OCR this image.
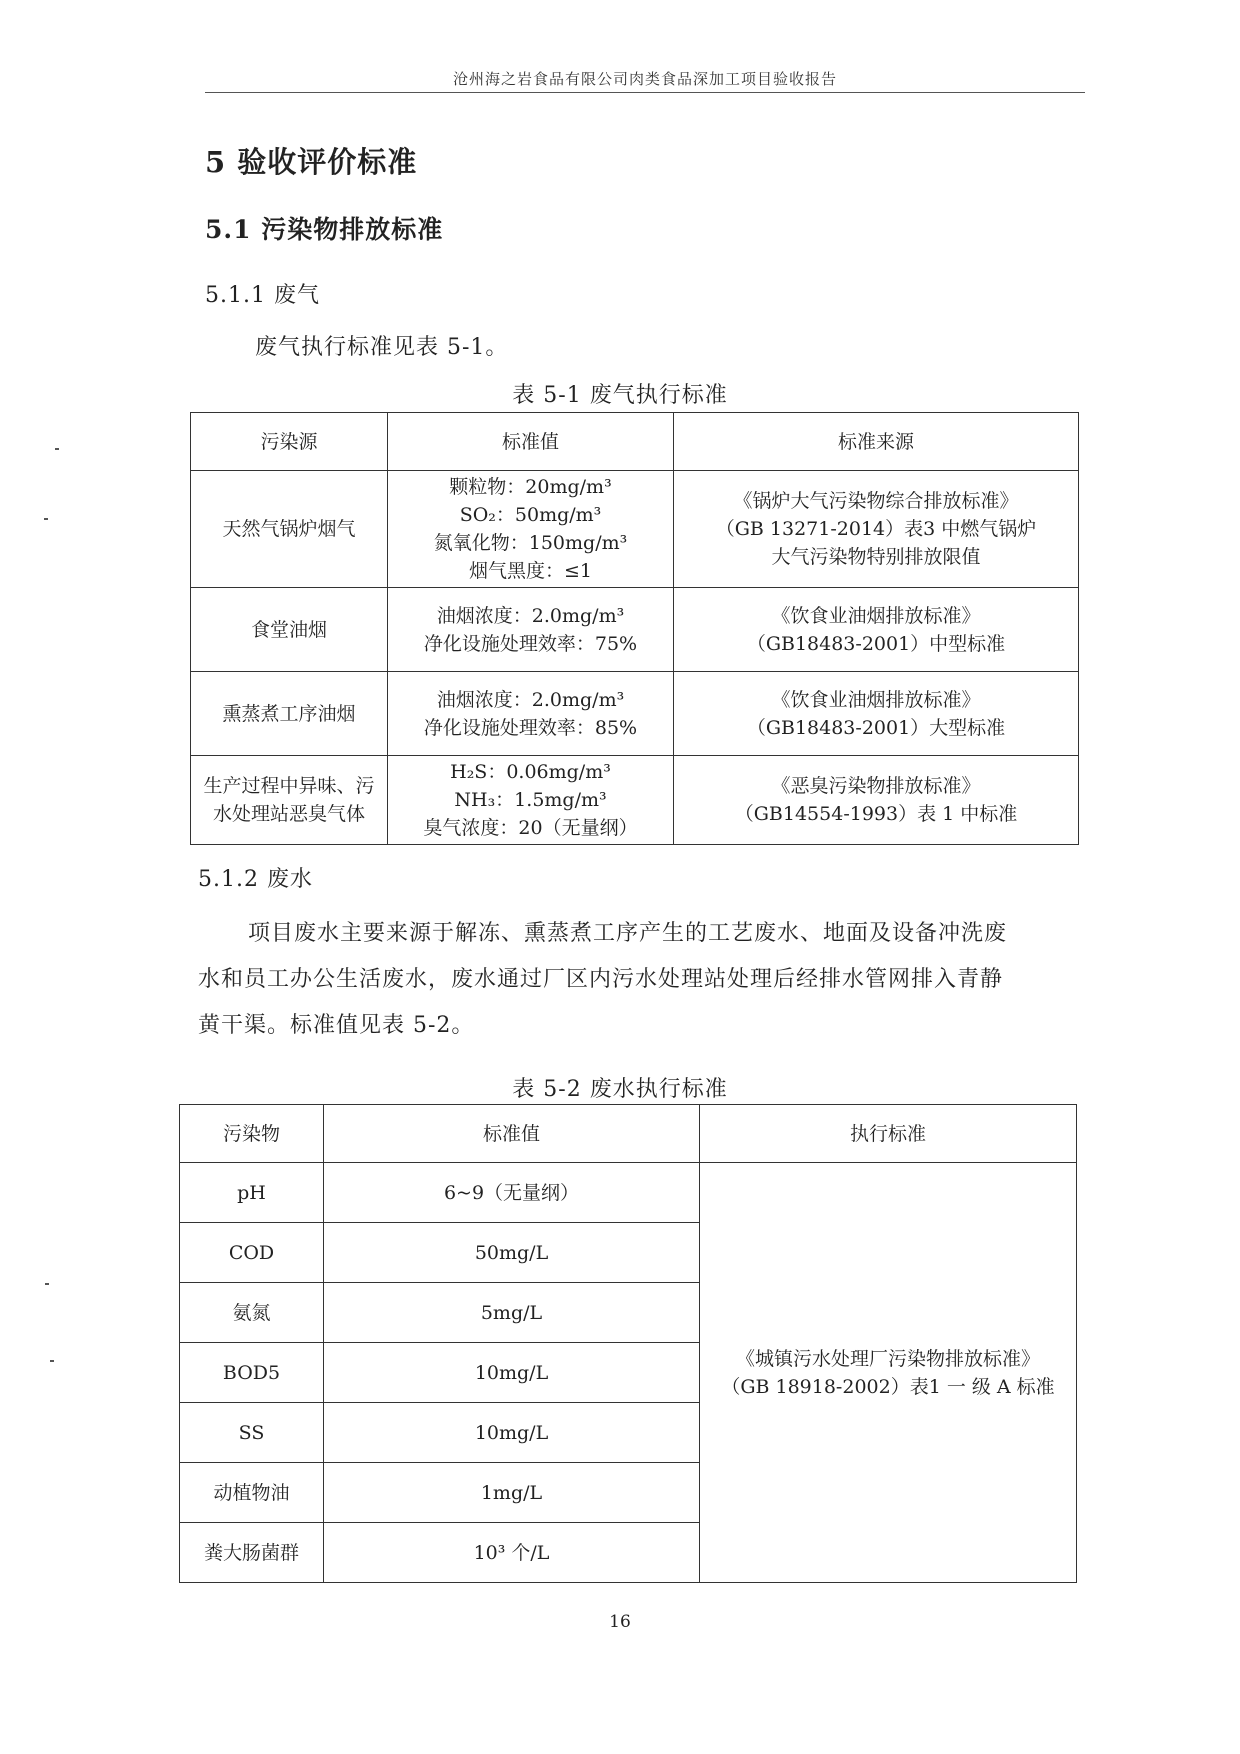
沧州海之岩食品有限公司肉类食品深加工项目验收报告
5 验收评价标准
5.1 污染物排放标准
5.1.1 废气
废气执行标准见表 5-1。
表 5-1 废气执行标准
污染源	标准值	标准来源

天然气锅炉烟气	颗粒物：20mg/m³
SO₂：50mg/m³
氮氧化物：150mg/m³
烟气黑度：≤1	《锅炉大气污染物综合排放标准》
（GB 13271-2014）表3 中燃气锅炉
大气污染物特别排放限值

食堂油烟	油烟浓度：2.0mg/m³
净化设施处理效率：75%	《饮食业油烟排放标准》
（GB18483-2001）中型标准

熏蒸煮工序油烟	油烟浓度：2.0mg/m³
净化设施处理效率：85%	《饮食业油烟排放标准》
（GB18483-2001）大型标准

生产过程中异味、污
水处理站恶臭气体	H₂S：0.06mg/m³
NH₃：1.5mg/m³
臭气浓度：20（无量纲）	《恶臭污染物排放标准》
（GB14554-1993）表 1 中标准
5.1.2 废水
项目废水主要来源于解冻、熏蒸煮工序产生的工艺废水、地面及设备冲洗废
水和员工办公生活废水，废水通过厂区内污水处理站处理后经排水管网排入青静
黄干渠。标准值见表 5-2。
表 5-2 废水执行标准
污染物	标准值	执行标准
pH	6~9（无量纲）	《城镇污水处理厂污染物排放标准》
（GB 18918-2002）表1 一 级 A 标准

COD	50mg/L	
氨氮	5mg/L	
BOD5	10mg/L	
SS	10mg/L	
动植物油	1mg/L	
粪大肠菌群	10³ 个/L	
16
